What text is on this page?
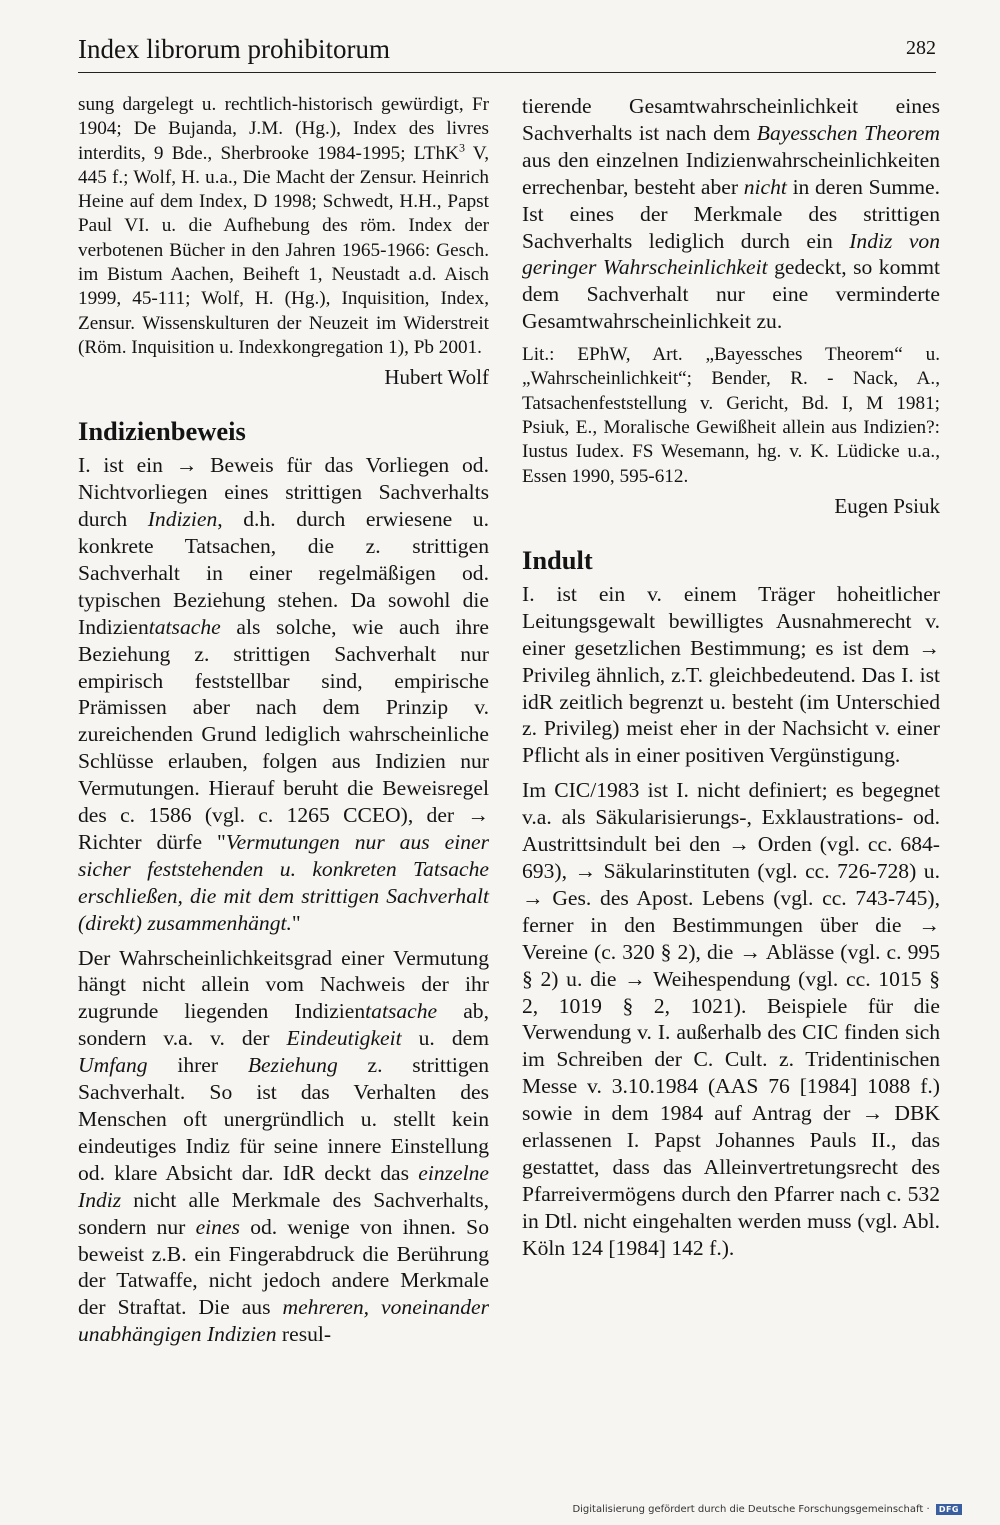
Index librorum prohibitorum	282

sung dargelegt u. rechtlich-historisch gewürdigt, Fr 1904; De Bujanda, J.M. (Hg.), Index des livres interdits, 9 Bde., Sherbrooke 1984-1995; LThK$^3$ V, 445 f.; Wolf, H. u.a., Die Macht der Zensur. Heinrich Heine auf dem Index, D 1998; Schwedt, H.H., Papst Paul VI. u. die Aufhebung des röm. Index der verbotenen Bücher in den Jahren 1965-1966: Gesch. im Bistum Aachen, Beiheft 1, Neustadt a.d. Aisch 1999, 45-111; Wolf, H. (Hg.), Inquisition, Index, Zensur. Wissenskulturen der Neuzeit im Widerstreit (Röm. Inquisition u. Indexkongregation 1), Pb 2001.

Hubert Wolf

Indizienbeweis

I. ist ein → Beweis für das Vorliegen od. Nichtvorliegen eines strittigen Sachverhalts durch Indizien, d.h. durch erwiesene u. konkrete Tatsachen, die z. strittigen Sachverhalt in einer regelmäßigen od. typischen Beziehung stehen. Da sowohl die Indizientatsache als solche, wie auch ihre Beziehung z. strittigen Sachverhalt nur empirisch feststellbar sind, empirische Prämissen aber nach dem Prinzip v. zureichenden Grund lediglich wahrscheinliche Schlüsse erlauben, folgen aus Indizien nur Vermutungen. Hierauf beruht die Beweisregel des c. 1586 (vgl. c. 1265 CCEO), der → Richter dürfe "Vermutungen nur aus einer sicher feststehenden u. konkreten Tatsache erschließen, die mit dem strittigen Sachverhalt (direkt) zusammenhängt."

Der Wahrscheinlichkeitsgrad einer Vermutung hängt nicht allein vom Nachweis der ihr zugrunde liegenden Indizientatsache ab, sondern v.a. v. der Eindeutigkeit u. dem Umfang ihrer Beziehung z. strittigen Sachverhalt. So ist das Verhalten des Menschen oft unergründlich u. stellt kein eindeutiges Indiz für seine innere Einstellung od. klare Absicht dar. IdR deckt das einzelne Indiz nicht alle Merkmale des Sachverhalts, sondern nur eines od. wenige von ihnen. So beweist z.B. ein Fingerabdruck die Berührung der Tatwaffe, nicht jedoch andere Merkmale der Straftat. Die aus mehreren, voneinander unabhängigen Indizien resul-

tierende Gesamtwahrscheinlichkeit eines Sachverhalts ist nach dem Bayesschen Theorem aus den einzelnen Indizienwahrscheinlichkeiten errechenbar, besteht aber nicht in deren Summe. Ist eines der Merkmale des strittigen Sachverhalts lediglich durch ein Indiz von geringer Wahrscheinlichkeit gedeckt, so kommt dem Sachverhalt nur eine verminderte Gesamtwahrscheinlichkeit zu.

Lit.: EPhW, Art. „Bayessches Theorem“ u. „Wahrscheinlichkeit“; Bender, R. - Nack, A., Tatsachenfeststellung v. Gericht, Bd. I, M 1981; Psiuk, E., Moralische Gewißheit allein aus Indizien?: Iustus Iudex. FS Wesemann, hg. v. K. Lüdicke u.a., Essen 1990, 595-612.

Eugen Psiuk

Indult

I. ist ein v. einem Träger hoheitlicher Leitungsgewalt bewilligtes Ausnahmerecht v. einer gesetzlichen Bestimmung; es ist dem → Privileg ähnlich, z.T. gleichbedeutend. Das I. ist idR zeitlich begrenzt u. besteht (im Unterschied z. Privileg) meist eher in der Nachsicht v. einer Pflicht als in einer positiven Vergünstigung.

Im CIC/1983 ist I. nicht definiert; es begegnet v.a. als Säkularisierungs-, Exklaustrations- od. Austrittsindult bei den → Orden (vgl. cc. 684-693), → Säkularinstituten (vgl. cc. 726-728) u. → Ges. des Apost. Lebens (vgl. cc. 743-745), ferner in den Bestimmungen über die → Vereine (c. 320 § 2), die → Ablässe (vgl. c. 995 § 2) u. die → Weihespendung (vgl. cc. 1015 § 2, 1019 § 2, 1021). Beispiele für die Verwendung v. I. außerhalb des CIC finden sich im Schreiben der C. Cult. z. Tridentinischen Messe v. 3.10.1984 (AAS 76 [1984] 1088 f.) sowie in dem 1984 auf Antrag der → DBK erlassenen I. Papst Johannes Pauls II., das gestattet, dass das Alleinvertretungsrecht des Pfarreivermögens durch den Pfarrer nach c. 532 in Dtl. nicht eingehalten werden muss (vgl. Abl. Köln 124 [1984] 142 f.).

Digitalisierung gefördert durch die Deutsche Forschungsgemeinschaft · DFG
